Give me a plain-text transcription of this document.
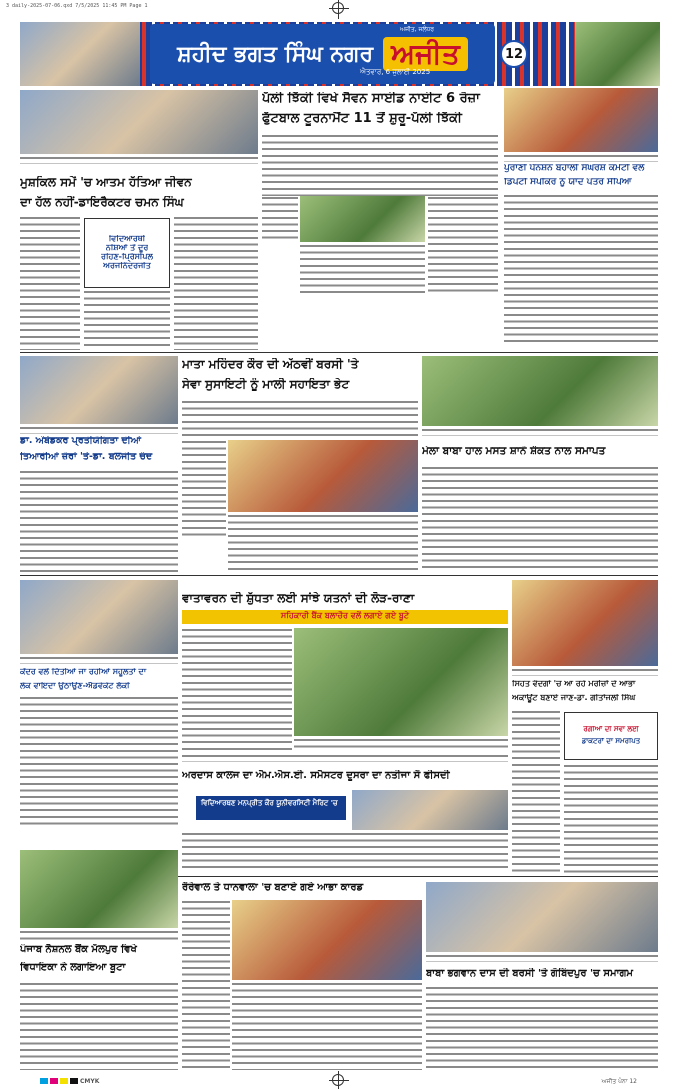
3 daily-2025-07-06.qxd 7/5/2025 11:45 PM Page 1
ਸ਼ਹੀਦ ਭਗਤ ਸਿੰਘ ਨਗਰ ਅਜੀਤ
ਅਜੀਤ, ਜਲੰਧਰ
ਐਤਵਾਰ, 6 ਜੁਲਾਈ 2025
12
ਪੱਲੀ ਝਿੱਕੀ ਵਿਖੇ ਸੈਵਨ ਸਾਈਡ ਨਾਈਟ 6 ਰੋਜ਼ਾ
ਫੁੱਟਬਾਲ ਟੂਰਨਾਮੈਂਟ 11 ਤੋਂ ਸ਼ੁਰੂ-ਪੱਲੀ ਝਿੱਕੀ
ਪੁਰਾਣੀ ਪੈਨਸ਼ਨ ਬਹਾਲੀ ਸੰਘਰਸ਼ ਕਮੇਟੀ ਵਲੋਂ
ਡਿਪਟੀ ਸਪੀਕਰ ਨੂੰ ਯਾਦ ਪੱਤਰ ਸੌਂਪਿਆ
ਮੁਸ਼ਕਿਲ ਸਮੇਂ 'ਚ ਆਤਮ ਹੱਤਿਆ ਜੀਵਨ
ਦਾ ਹੱਲ ਨਹੀਂ-ਡਾਇਰੈਕਟਰ ਚਮਨ ਸਿੰਘ
ਵਿਦਿਆਰਥੀ
ਨਸ਼ਿਆਂ ਤੋਂ ਦੂਰ
ਰਹਿਣ-ਪ੍ਰਿੰਸੀਪਲ
ਅਰਜਨਿੰਦਰਜੀਤ
ਡਾ. ਅੰਬੇਡਕਰ ਪ੍ਰਤੀਯੋਗਿਤਾ ਦੀਆਂ
ਤਿਆਰੀਆਂ ਜ਼ੋਰਾਂ 'ਤੇ-ਡਾ. ਬਲਜੀਤ ਚੰਦ
ਮਾਤਾ ਮਹਿੰਦਰ ਕੌਰ ਦੀ ਅੱਠਵੀਂ ਬਰਸੀ 'ਤੇ
ਸੇਵਾ ਸੁਸਾਇਟੀ ਨੂੰ ਮਾਲੀ ਸਹਾਇਤਾ ਭੇਟ
ਮੇਲਾ ਬਾਬਾ ਹਾਲ ਮਸਤ ਸ਼ਾਨੋ ਸ਼ੌਕਤ ਨਾਲ ਸਮਾਪਤ
ਕੇਂਦਰ ਵਲੋਂ ਦਿੱਤੀਆਂ ਜਾ ਰਹੀਆਂ ਸਹੂਲਤਾਂ ਦਾ
ਲੋਕ ਵਾਇਦਾ ਉਠਾਉਣ-ਐਡਵੋਕੇਟ ਲੱਕੀ
ਵਾਤਾਵਰਨ ਦੀ ਸ਼ੁੱਧਤਾ ਲਈ ਸਾਂਝੇ ਯਤਨਾਂ ਦੀ ਲੋੜ-ਰਾਣਾ
ਸਹਿਕਾਰੀ ਬੈਂਕ ਬਲਾਚੌਰ ਵਲੋਂ ਲਗਾਏ ਗਏ ਬੂਟੇ
ਸਿਹਤ ਵੰਦਗਾਂ 'ਚ ਆ ਰਹੇ ਮਰੀਜ਼ਾਂ ਦੇ ਆਭਾ
ਅਕਾਊਂਟ ਬਣਾਏ ਜਾਣ-ਡਾ. ਗੀਤਾਂਜਲੀ ਸਿੰਘ
ਰੋਗੀਆਂ ਦੀ ਸੇਵਾ ਲਈ
ਡਾਕਟਰਾਂ ਦਾ ਸਮਰਪਿਤ
ਅਰਦਾਸ ਕਾਲਜ ਦਾ ਐਮ.ਐਸ.ਈ. ਸਮੈਸਟਰ ਦੂਸਰਾ ਦਾ ਨਤੀਜਾ ਸੌ ਫੀਸਦੀ
ਵਿਦਿਆਰਥਣ ਮਨਪ੍ਰੀਤ ਕੌਰ ਯੂਨੀਵਰਸਿਟੀ ਮੈਰਿਟ 'ਚ
ਪੰਜਾਬ ਨੈਸ਼ਨਲ ਬੈਂਕ ਮੱਲਪੁਰ ਵਿਖੇ
ਵਿਧਾਇਕਾ ਨੇ ਲਗਾਇਆ ਬੂਟਾ
ਰੌਰੇਵਾਲ ਤੇ ਧਾਨਵਾਲਾ 'ਚ ਬਣਾਏ ਗਏ ਆਭਾ ਕਾਰਡ
ਬਾਬਾ ਭਗਵਾਨ ਦਾਸ ਦੀ ਬਰਸੀ 'ਤੇ ਗੋਬਿੰਦਪੁਰ 'ਚ ਸਮਾਗਮ
CMYK	ਅਜੀਤ ਪੰਨਾ 12
